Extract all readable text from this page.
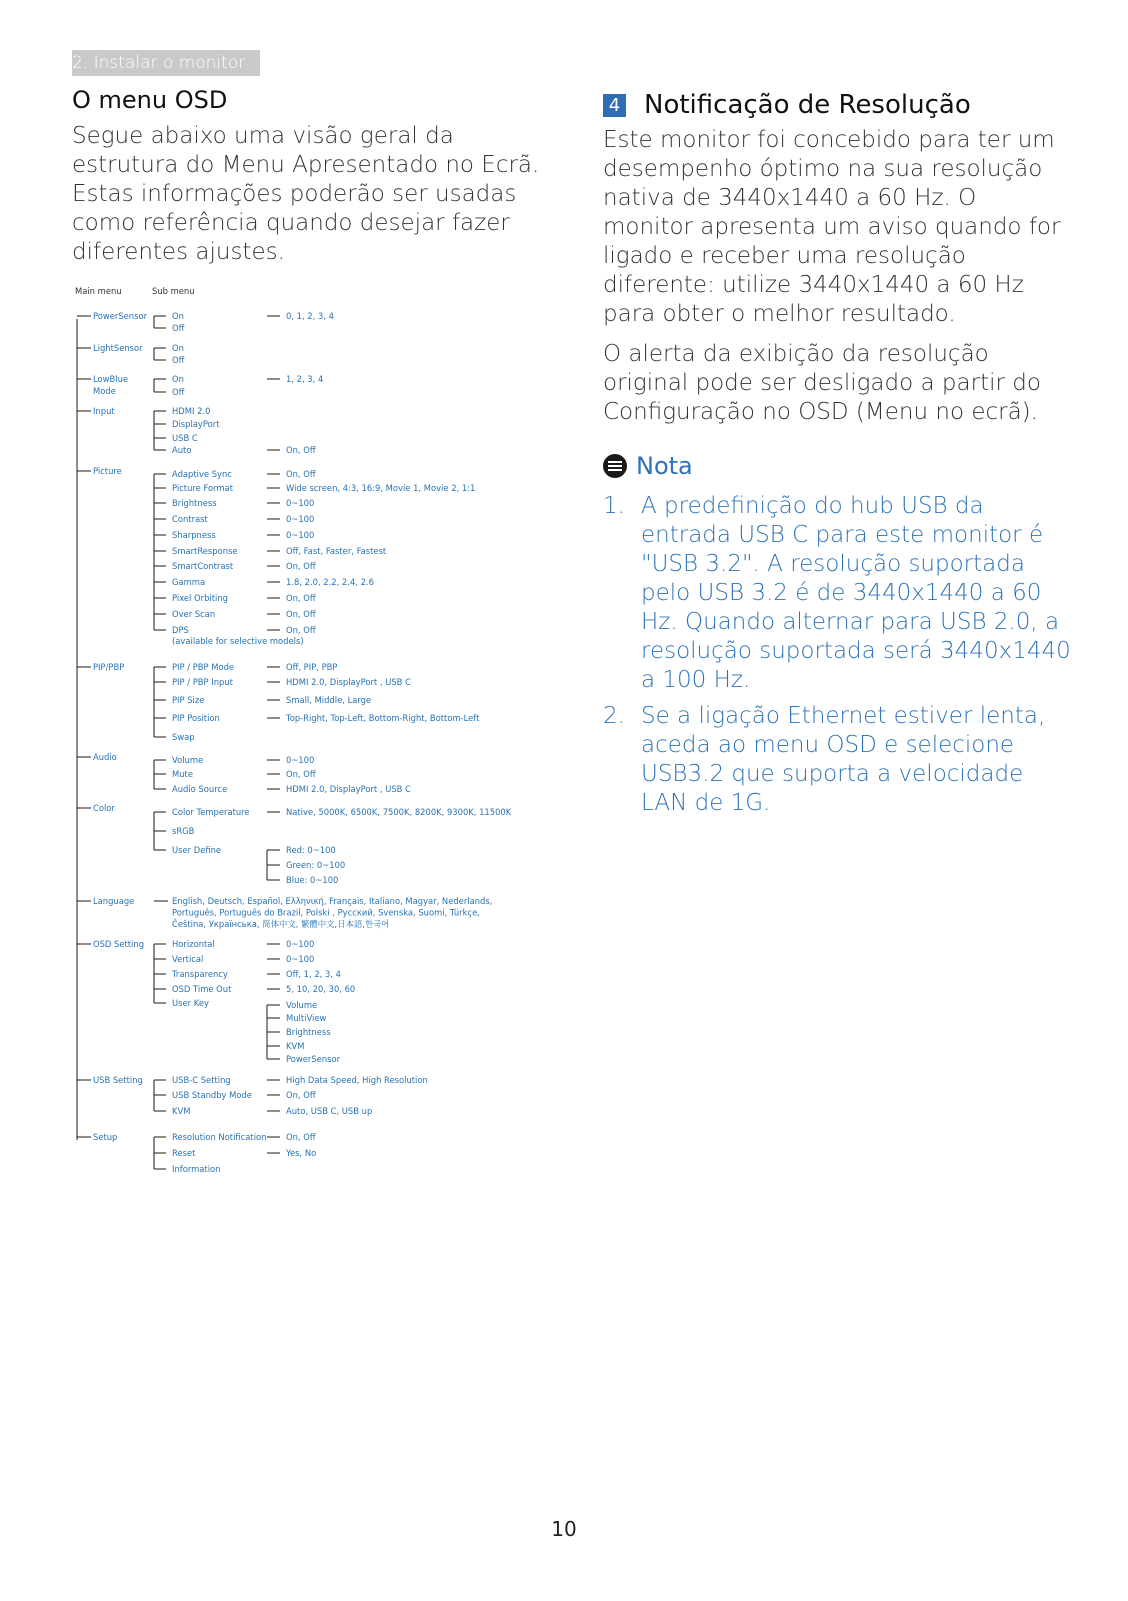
2. Instalar o monitor
O menu OSD

Segue abaixo uma visão geral da estrutura do Menu Apresentado no Ecrã. Estas informações poderão ser usadas como referência quando desejar fazer diferentes ajustes.

Main menu	Sub menu
PowerSensor	On	0, 1, 2, 3, 4
Off
LightSensor	On
Off
LowBlue
Mode
On	1, 2, 3, 4
Off
Input	HDMI 2.0
DisplayPort
USB C
Auto	On, Off
Picture	Adaptive Sync	On, Off
Picture Format	Wide screen, 4:3, 16:9, Movie 1, Movie 2, 1:1
Brightness	0~100
Contrast	0~100
Sharpness	0~100
SmartResponse	Off, Fast, Faster, Fastest
SmartContrast	On, Off
Gamma	1.8, 2.0, 2.2, 2.4, 2.6
Pixel Orbiting	On, Off
Over Scan	On, Off
DPS	On, Off
(available for selective models)
PIP/PBP	PIP / PBP Mode	Off, PIP, PBP
PIP / PBP Input	HDMI 2.0, DisplayPort , USB C
PIP Size	Small, Middle, Large
PIP Position	Top-Right, Top-Left, Bottom-Right, Bottom-Left
Swap
Audio	Volume	0~100
Mute	On, Off
Audio Source	HDMI 2.0, DisplayPort , USB C
Color	Color Temperature	Native, 5000K, 6500K, 7500K, 8200K, 9300K, 11500K
sRGB
User Define	Red: 0~100
Green: 0~100
Blue: 0~100
Language	English, Deutsch, Español, Ελληνική, Français, Italiano, Magyar, Nederlands,
Português, Português do Brazil, Polski , Русский, Svenska, Suomi, Türkçe,
Čeština, Українська, 简体中文, 繁體中文,日本語,한국어
OSD Setting	Horizontal	0~100
Vertical	0~100
Transparency	Off, 1, 2, 3, 4
OSD Time Out	5, 10, 20, 30, 60
User Key	Volume
MultiView
Brightness
KVM
PowerSensor
USB Setting	USB-C Setting	High Data Speed, High Resolution
USB Standby Mode	On, Off
KVM	Auto, USB C, USB up
Setup	Resolution Notification On, Off
Reset	Yes, No
Information
4 Notificação de Resolução

Este monitor foi concebido para ter um desempenho óptimo na sua resolução nativa de 3440x1440 a 60 Hz. O monitor apresenta um aviso quando for ligado e receber uma resolução diferente: utilize 3440x1440 a 60 Hz para obter o melhor resultado.

O alerta da exibição da resolução original pode ser desligado a partir do Configuração no OSD (Menu no ecrã).

Nota
1. A predefinição do hub USB da entrada USB C para este monitor é "USB 3.2". A resolução suportada pelo USB 3.2 é de 3440x1440 a 60 Hz. Quando alternar para USB 2.0, a resolução suportada será 3440x1440 a 100 Hz.
2. Se a ligação Ethernet estiver lenta, aceda ao menu OSD e selecione USB3.2 que suporta a velocidade LAN de 1G.
10
